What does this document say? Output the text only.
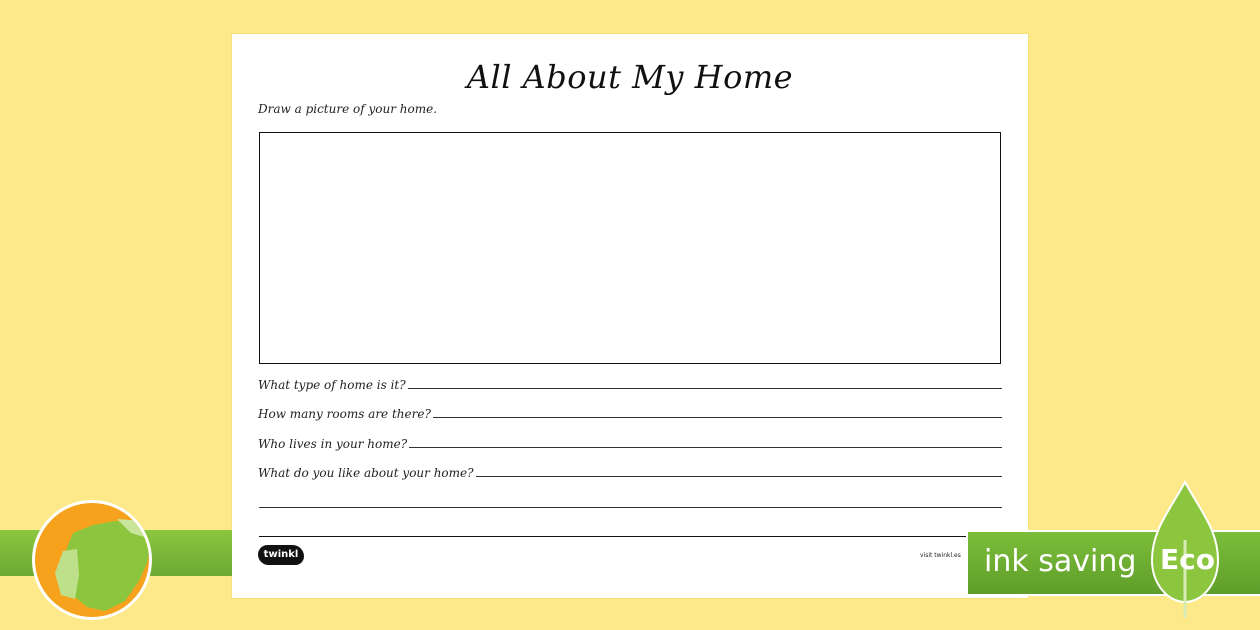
All About My Home
Draw a picture of your home.
What type of home is it?
How many rooms are there?
Who lives in your home?
What do you like about your home?
twinkl	visit twinkl.es ink saving Eco
